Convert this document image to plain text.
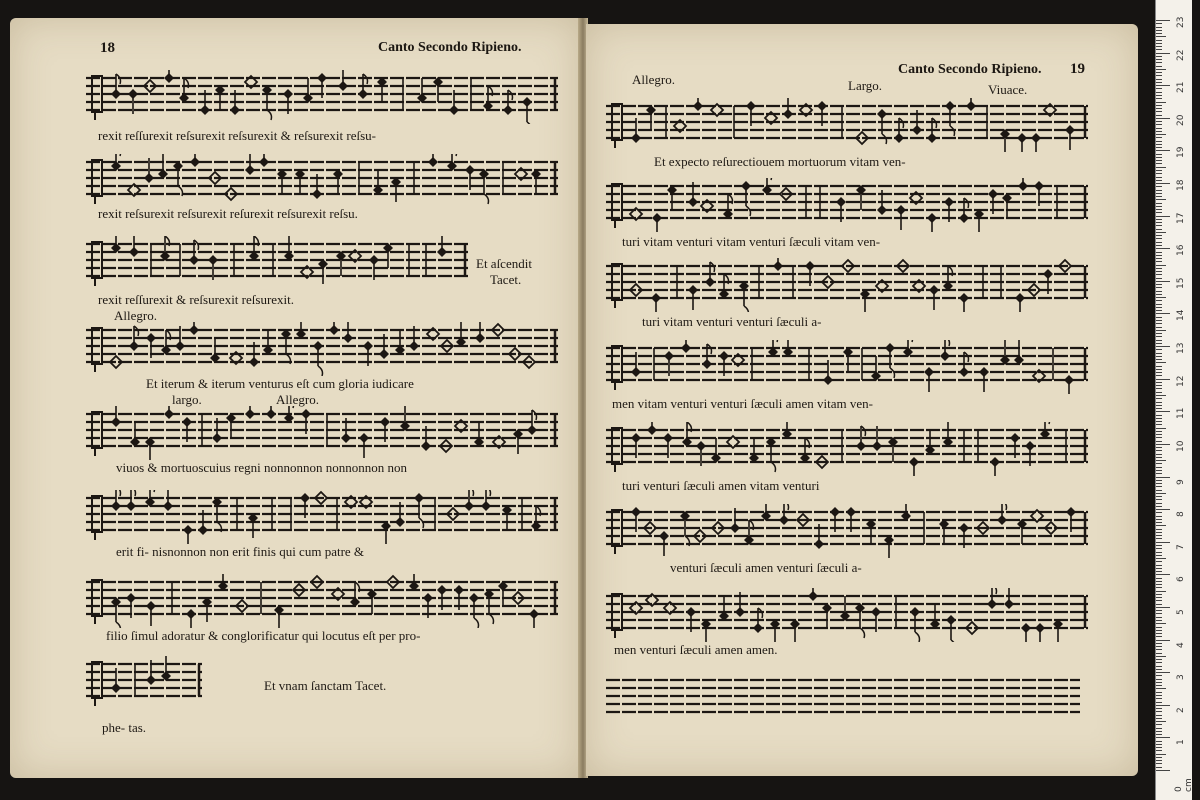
18	Canto Secondo Ripieno.
rexit reſſurexit reſsurexit reſsurexit & reſsurexit reſsu-
rexit reſsurexit reſsurexit reſurexit reſsurexit reſsu.
Et aſcendit
Tacet.
rexit reſſurexit & reſsurexit reſsurexit.
Allegro.
Et iterum & iterum venturus eſt cum gloria iudicare
largo.	Allegro.
viuos & mortuoscuius regni nonnonnon nonnonnon non
erit fi- nisnonnon non erit finis qui cum patre &
filio ſimul adoratur & conglorificatur qui locutus eſt per pro-
Et vnam ſanctam Tacet.
phe- tas.
Canto Secondo Ripieno. 19
Allegro.	Largo.	Viuace.
Et expecto reſurectiouem mortuorum vitam ven-
turi vitam venturi vitam venturi ſæculi vitam ven-
turi vitam venturi venturi ſæculi a-
men vitam venturi venturi ſæculi amen vitam ven-
turi venturi ſæculi amen vitam venturi
venturi ſæculi amen venturi ſæculi a-
men venturi ſæculi amen amen.
0 cm
1
2
3
4
5
6
7
8
9
10
11
12
13
14
15
16
17
18
19
20
21
22
23
